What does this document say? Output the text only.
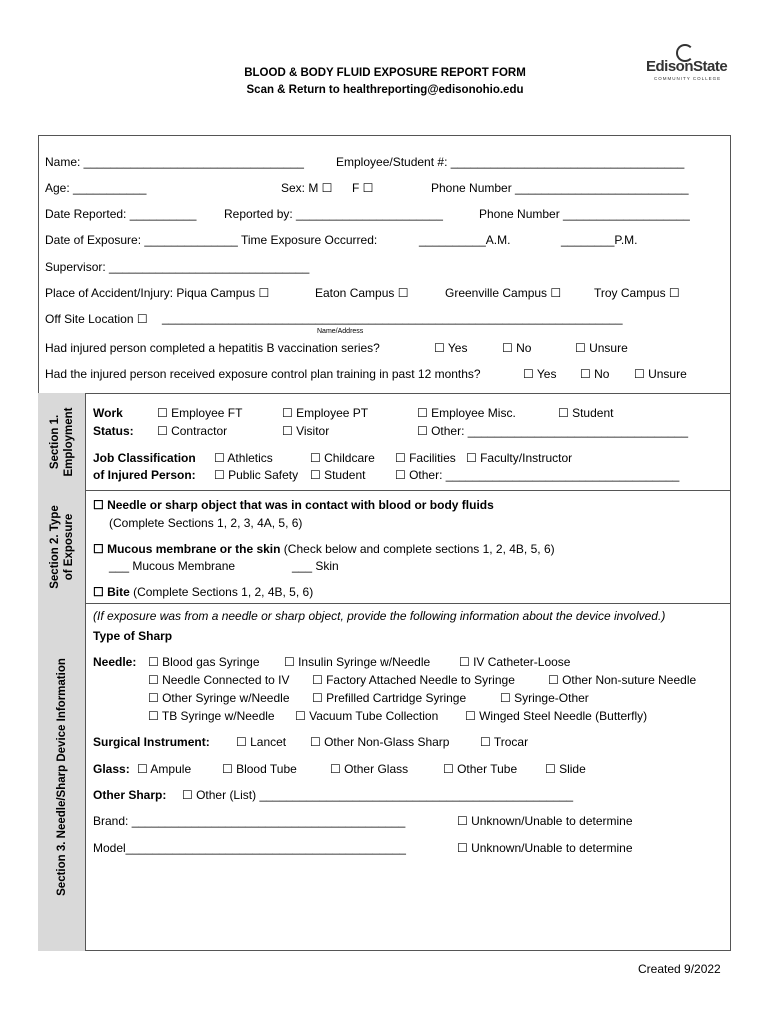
BLOOD & BODY FLUID EXPOSURE REPORT FORM
Scan & Return to healthreporting@edisonohio.edu
EdisonState
COMMUNITY COLLEGE
Section 1. Employment
Section 2. Type of Exposure
Section 3. Needle/Sharp Device Information
Name: _________________________________	Employee/Student #: ___________________________________
Age: ___________	Sex: M ☐ F ☐	Phone Number __________________________
Date Reported: __________ Reported by: ______________________	Phone Number ___________________
Date of Exposure: ______________ Time Exposure Occurred:	__________A.M.	________P.M.
Supervisor: ______________________________
Place of Accident/Injury: Piqua Campus ☐	Eaton Campus ☐	Greenville Campus ☐	Troy Campus ☐
Off Site Location ☐ _____________________________________________________________________
Name/Address
Had injured person completed a hepatitis B vaccination series?	☐ Yes	☐ No	☐ Unsure
Had the injured person received exposure control plan training in past 12 months?	☐ Yes ☐ No ☐ Unsure
Work
Status:
☐ Employee FT	☐ Employee PT	☐ Employee Misc.	☐ Student
☐ Contractor	☐ Visitor	☐ Other: _________________________________
Job Classification
of Injured Person:
☐ Athletics	☐ Childcare ☐ Facilities ☐ Faculty/Instructor
☐ Public Safety ☐ Student ☐ Other: ___________________________________
☐ Needle or sharp object that was in contact with blood or body fluids
(Complete Sections 1, 2, 3, 4A, 5, 6)
☐ Mucous membrane or the skin (Check below and complete sections 1, 2, 4B, 5, 6)
___ Mucous Membrane	___ Skin
☐ Bite (Complete Sections 1, 2, 4B, 5, 6)
(If exposure was from a needle or sharp object, provide the following information about the device involved.)
Type of Sharp
Needle: ☐ Blood gas Syringe ☐ Insulin Syringe w/Needle ☐ IV Catheter-Loose
☐ Needle Connected to IV ☐ Factory Attached Needle to Syringe	☐ Other Non-suture Needle
☐ Other Syringe w/Needle ☐ Prefilled Cartridge Syringe	☐ Syringe-Other
☐ TB Syringe w/Needle ☐ Vacuum Tube Collection ☐ Winged Steel Needle (Butterfly)
Surgical Instrument: ☐ Lancet ☐ Other Non-Glass Sharp	☐ Trocar
Glass: ☐ Ampule	☐ Blood Tube	☐ Other Glass	☐ Other Tube ☐ Slide
Other Sharp: ☐ Other (List) _______________________________________________
Brand: _________________________________________	☐ Unknown/Unable to determine
Model__________________________________________	☐ Unknown/Unable to determine
Created 9/2022
